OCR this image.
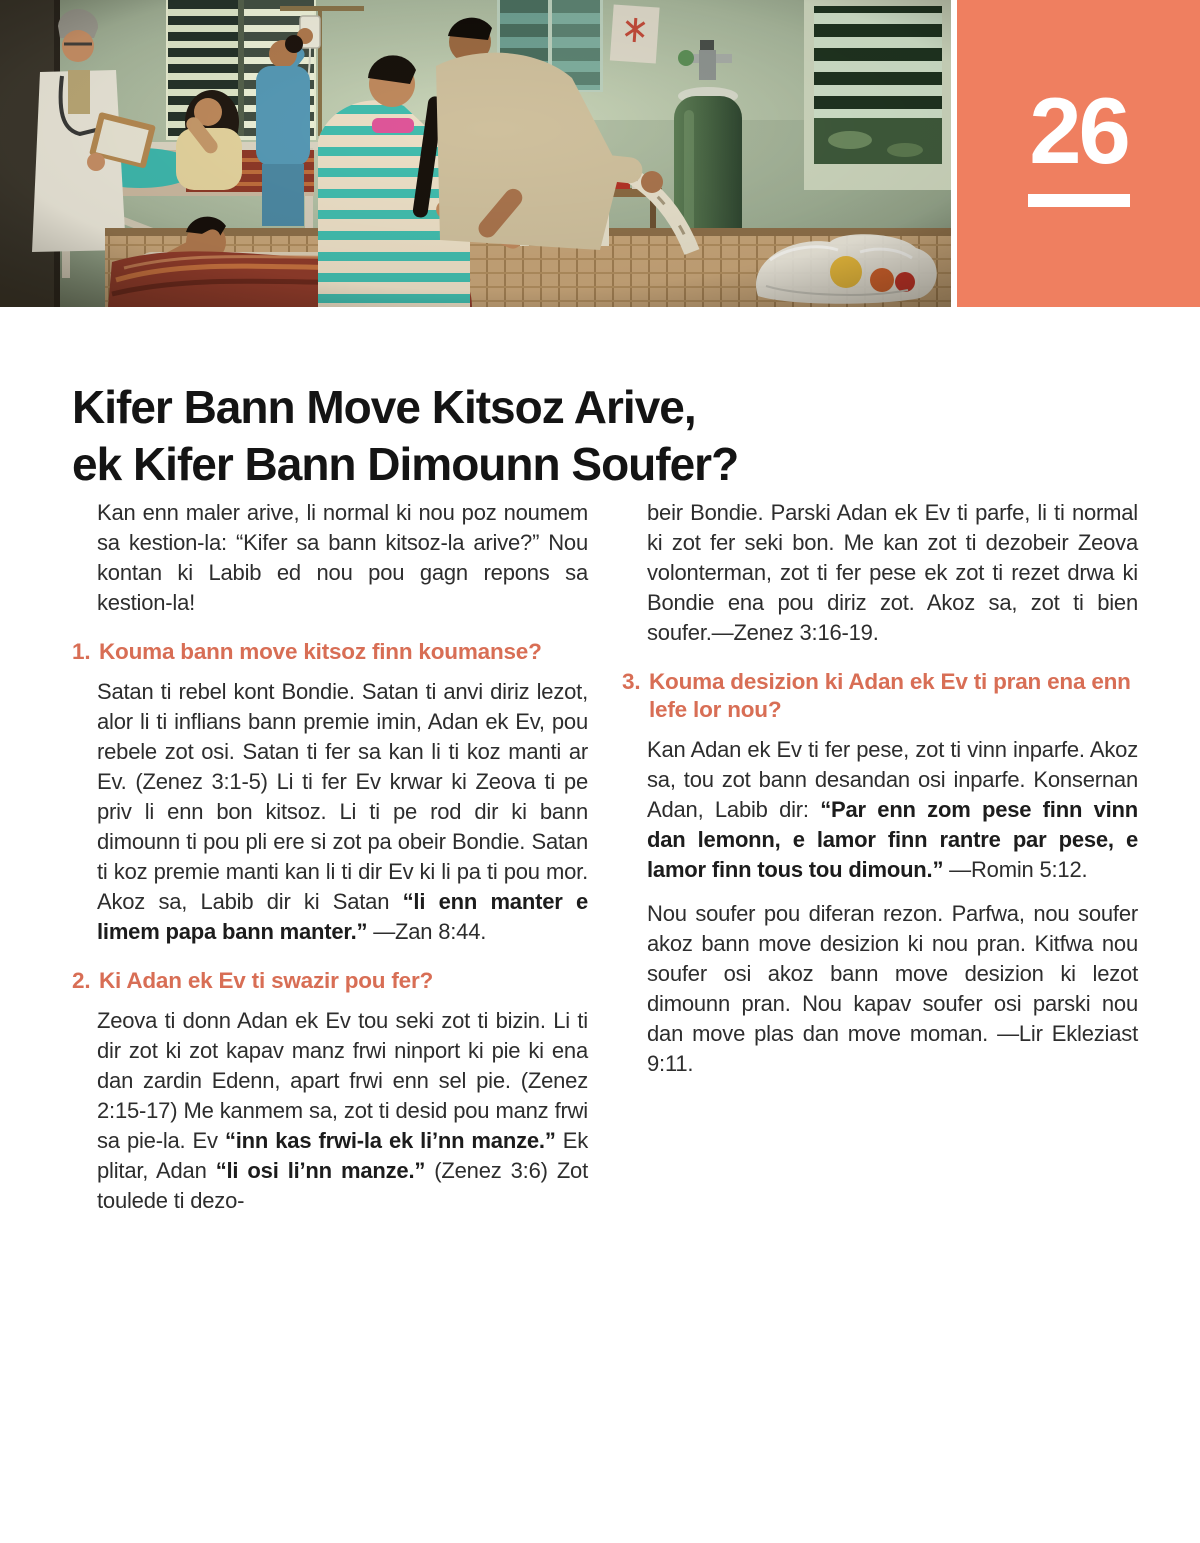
26
Kifer Bann Move Kitsoz Arive,
ek Kifer Bann Dimounn Soufer?

Kan enn maler arive, li normal ki nou poz noumem sa kestion-la: “Kifer sa bann kitsoz-la arive?” Nou kontan ki Labib ed nou pou gagn repons sa kestion-la!

1. Kouma bann move kitsoz finn koumanse?

Satan ti rebel kont Bondie. Satan ti anvi diriz lezot, alor li ti inflians bann premie imin, Adan ek Ev, pou rebele zot osi. Satan ti fer sa kan li ti koz manti ar Ev. (Zenez 3:1-5) Li ti fer Ev krwar ki Zeova ti pe priv li enn bon kitsoz. Li ti pe rod dir ki bann dimounn ti pou pli ere si zot pa obeir Bondie. Satan ti koz premie manti kan li ti dir Ev ki li pa ti pou mor. Akoz sa, Labib dir ki Satan “li enn manter e limem papa bann manter.” —Zan 8:44.

2. Ki Adan ek Ev ti swazir pou fer?

Zeova ti donn Adan ek Ev tou seki zot ti bizin. Li ti dir zot ki zot kapav manz frwi ninport ki pie ki ena dan zardin Edenn, apart frwi enn sel pie. (Zenez 2:15-17) Me kanmem sa, zot ti desid pou manz frwi sa pie-la. Ev “inn kas frwi-la ek li’nn manze.” Ek plitar, Adan “li osi li’nn manze.” (Zenez 3:6) Zot toulede ti dezo-

beir Bondie. Parski Adan ek Ev ti parfe, li ti normal ki zot fer seki bon. Me kan zot ti dezobeir Zeova volonterman, zot ti fer pese ek zot ti rezet drwa ki Bondie ena pou diriz zot. Akoz sa, zot ti bien soufer.—Zenez 3:16-19.

3. Kouma desizion ki Adan ek Ev ti pran ena enn lefe lor nou?

Kan Adan ek Ev ti fer pese, zot ti vinn inparfe. Akoz sa, tou zot bann desandan osi inparfe. Konsernan Adan, Labib dir: “Par enn zom pese finn vinn dan lemonn, e lamor finn rantre par pese, e lamor finn tous tou dimoun.” —Romin 5:12.

Nou soufer pou diferan rezon. Parfwa, nou soufer akoz bann move desizion ki nou pran. Kitfwa nou soufer osi akoz bann move desizion ki lezot dimounn pran. Nou kapav soufer osi parski nou dan move plas dan move moman. —Lir Ekleziast 9:11.
